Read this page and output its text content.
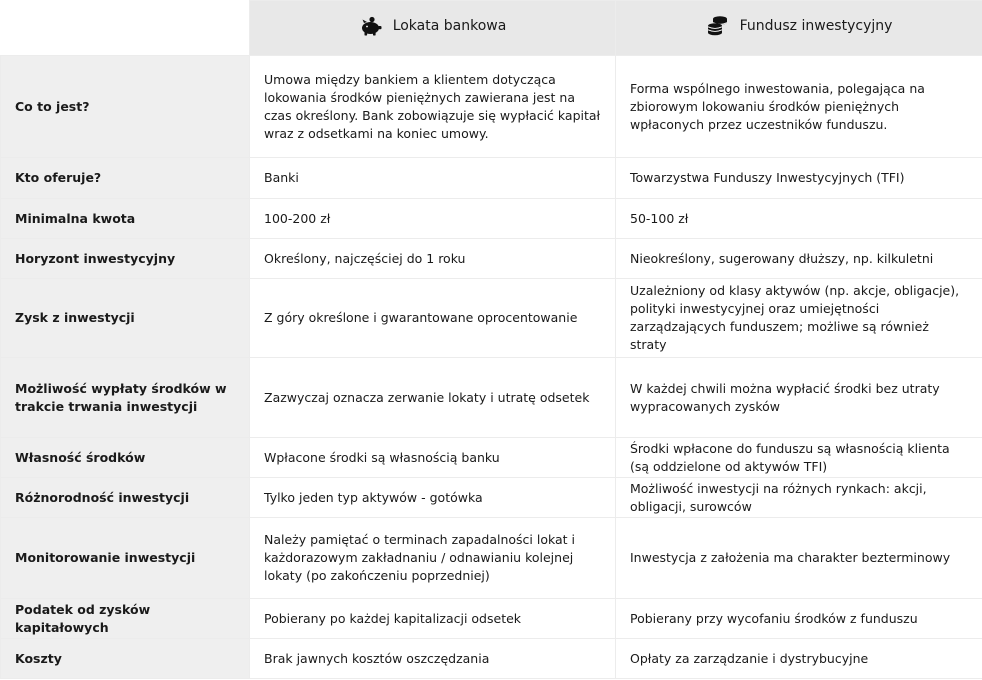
	Lokata bankowa	Fundusz inwestycyjny

Co to jest?	Umowa między bankiem a klientem dotycząca lokowania środków pieniężnych zawierana jest na czas określony. Bank zobowiązuje się wypłacić kapitał wraz z odsetkami na koniec umowy.	Forma wspólnego inwestowania, polegająca na zbiorowym lokowaniu środków pieniężnych wpłaconych przez uczestników funduszu.
Kto oferuje?	Banki	Towarzystwa Funduszy Inwestycyjnych (TFI)
Minimalna kwota	100-200 zł	50-100 zł
Horyzont inwestycyjny	Określony, najczęściej do 1 roku	Nieokreślony, sugerowany dłuższy, np. kilkuletni
Zysk z inwestycji	Z góry określone i gwarantowane oprocentowanie	Uzależniony od klasy aktywów (np. akcje, obligacje), polityki inwestycyjnej oraz umiejętności zarządzających funduszem; możliwe są również straty
Możliwość wypłaty środków w trakcie trwania inwestycji	Zazwyczaj oznacza zerwanie lokaty i utratę odsetek	W każdej chwili można wypłacić środki bez utraty wypracowanych zysków
Własność środków	Wpłacone środki są własnością banku	Środki wpłacone do funduszu są własnością klienta (są oddzielone od aktywów TFI)
Różnorodność inwestycji	Tylko jeden typ aktywów - gotówka	Możliwość inwestycji na różnych rynkach: akcji, obligacji, surowców
Monitorowanie inwestycji	Należy pamiętać o terminach zapadalności lokat i każdorazowym zakładnaniu / odnawianiu kolejnej lokaty (po zakończeniu poprzedniej)	Inwestycja z założenia ma charakter bezterminowy
Podatek od zysków kapitałowych	Pobierany po każdej kapitalizacji odsetek	Pobierany przy wycofaniu środków z funduszu
Koszty	Brak jawnych kosztów oszczędzania	Opłaty za zarządzanie i dystrybucyjne
